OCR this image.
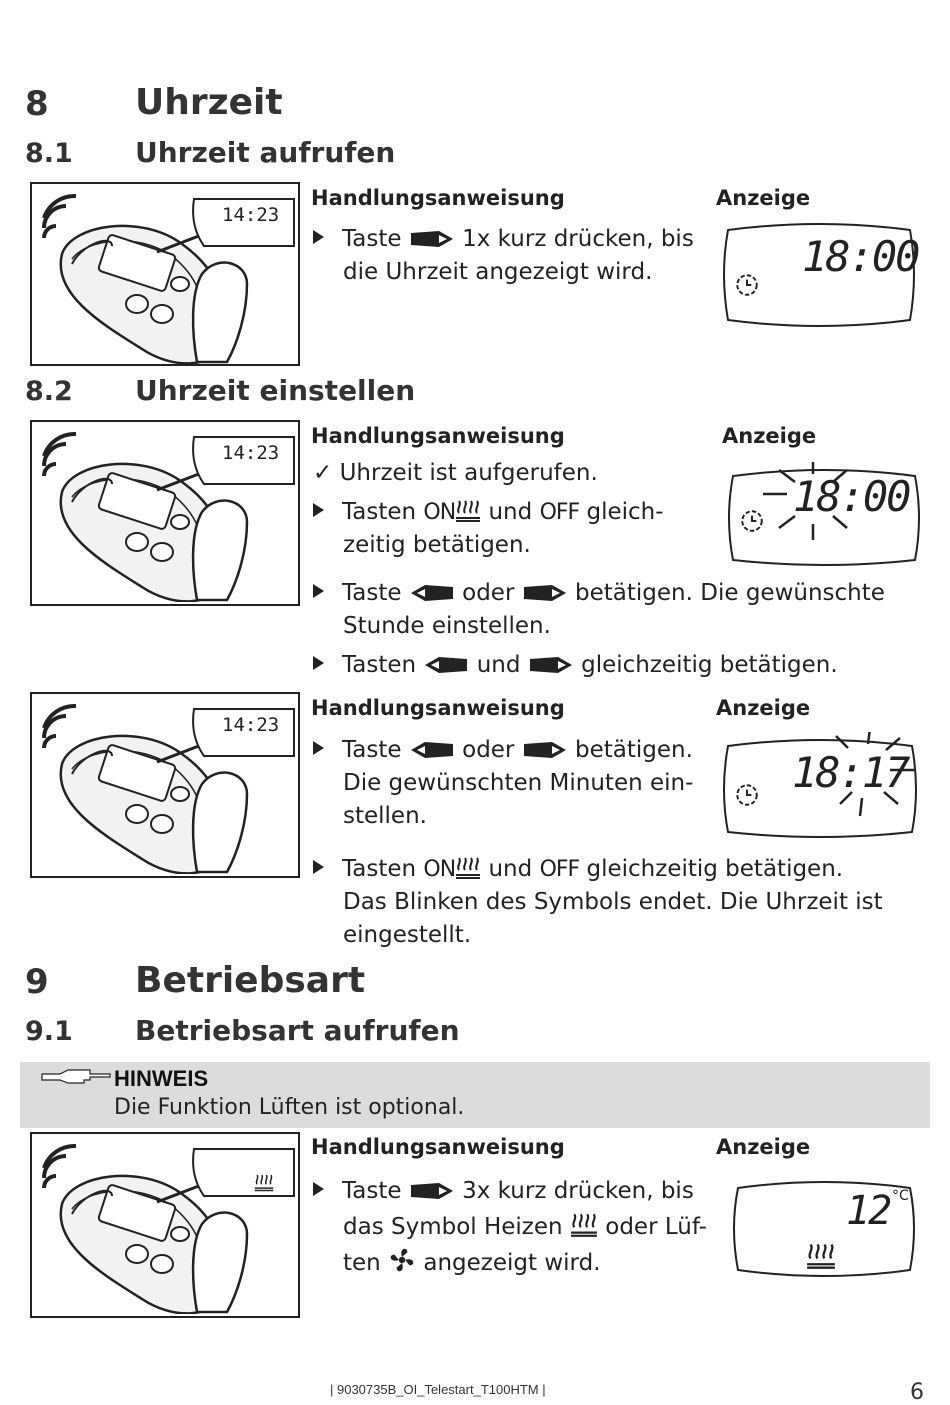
8 Uhrzeit
8.1 Uhrzeit aufrufen
14:23
Handlungsanweisung	Anzeige
Taste	1x kurz drücken, bis
die Uhrzeit angezeigt wird.	18:00
8.2 Uhrzeit einstellen
14:23
Handlungsanweisung	Anzeige
✓ Uhrzeit ist aufgerufen.
Tasten ON und OFF gleich-
zeitig betätigen.
18:00
Taste	oder	betätigen. Die gewünschte
Stunde einstellen.
Tasten	und	gleichzeitig betätigen.
14:23
Handlungsanweisung	Anzeige
Taste	oder	betätigen.
Die gewünschten Minuten ein-
stellen.
18:17
Tasten ON und OFF gleichzeitig betätigen.
Das Blinken des Symbols endet. Die Uhrzeit ist
eingestellt.
9 Betriebsart
9.1 Betriebsart aufrufen
HINWEIS
Die Funktion Lüften ist optional.
Handlungsanweisung	Anzeige
Taste	3x kurz drücken, bis
das Symbol Heizen oder Lüf-
ten angezeigt wird.
12 °C
| 9030735B_OI_Telestart_T100HTM |	6
